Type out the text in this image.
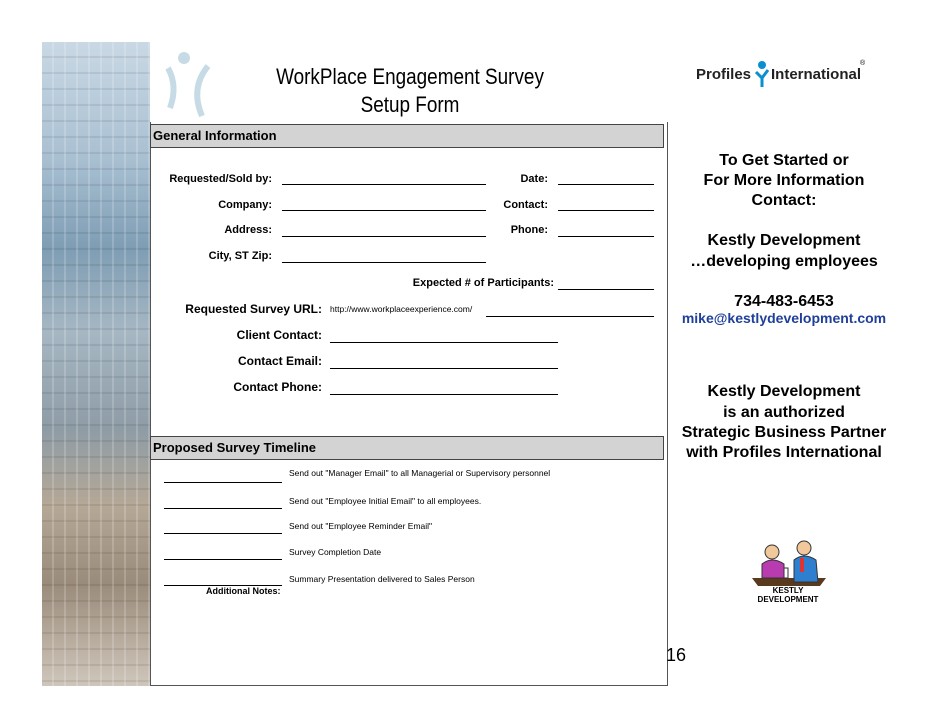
WorkPlace Engagement Survey
Setup Form
Profiles International
®
General Information
Requested/Sold by:
Company:
Address:
City, ST Zip:
Date:
Contact:
Phone:
Expected # of Participants:
Requested Survey URL: http://www.workplaceexperience.com/
Client Contact:
Contact Email:
Contact Phone:
Proposed Survey Timeline
Send out "Manager Email" to all Managerial or Supervisory personnel
Send out "Employee Initial Email" to all employees.
Send out "Employee Reminder Email"
Survey Completion Date
Summary Presentation delivered to Sales Person
Additional Notes:
To Get Started or
For More Information
Contact:
Kestly Development
…developing employees
734-483-6453
mike@kestlydevelopment.com
Kestly Development
is an authorized
Strategic Business Partner
with Profiles International
KESTLY
DEVELOPMENT
16
